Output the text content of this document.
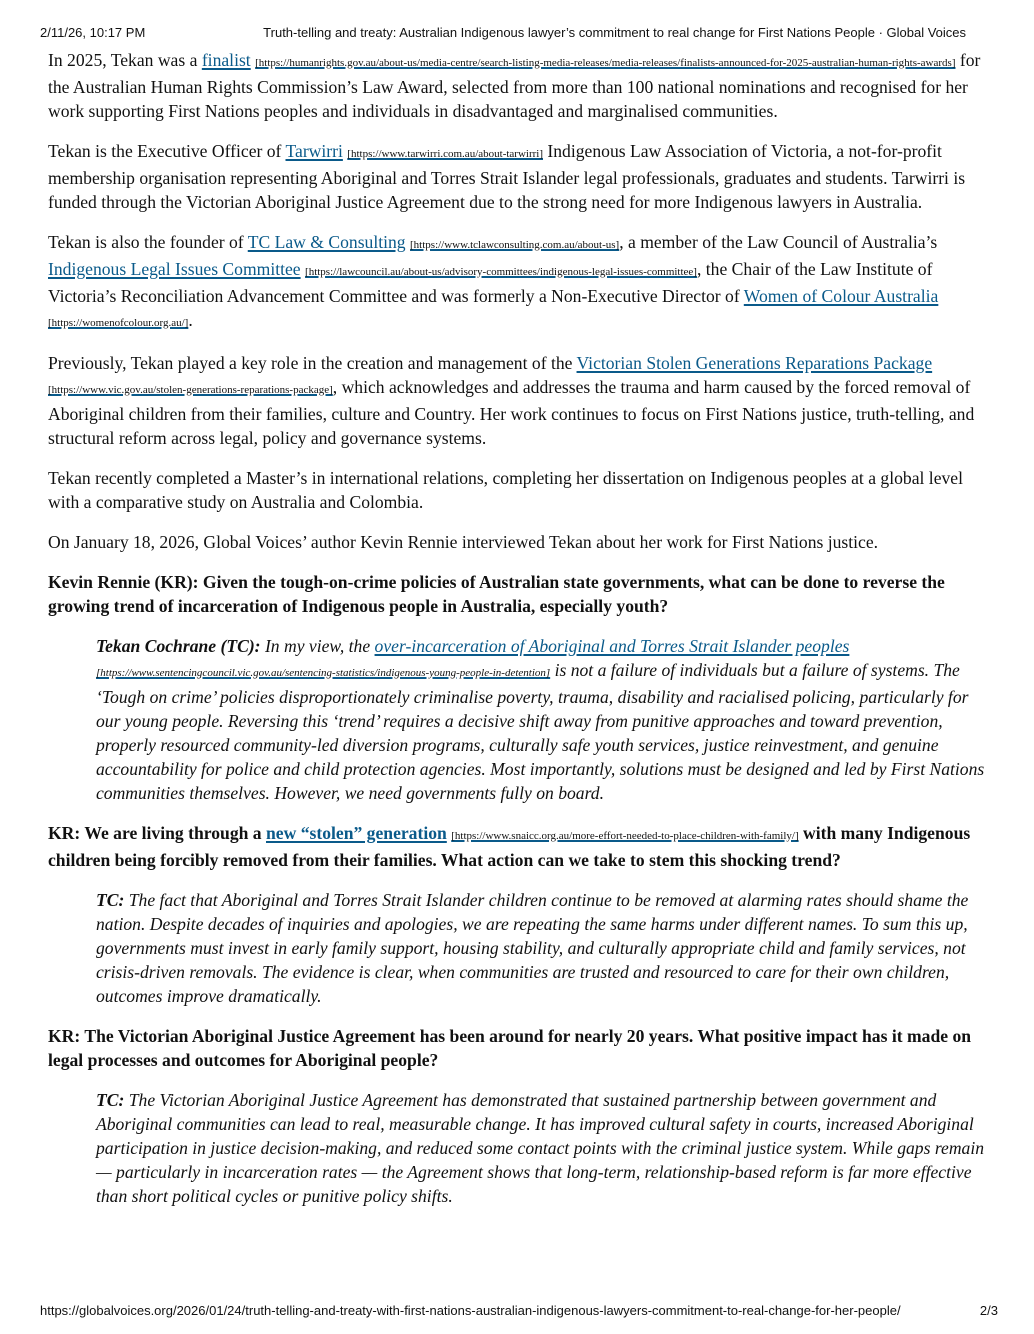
2/11/26, 10:17 PM	Truth-telling and treaty: Australian Indigenous lawyer’s commitment to real change for First Nations People · Global Voices

In 2025, Tekan was a finalist [https://humanrights.gov.au/about-us/media-centre/search-listing-media-releases/media-releases/finalists-announced-for-2025-australian-human-rights-awards] for the Australian Human Rights Commission’s Law Award, selected from more than 100 national nominations and recognised for her work supporting First Nations peoples and individuals in disadvantaged and marginalised communities.

Tekan is the Executive Officer of Tarwirri [https://www.tarwirri.com.au/about-tarwirri] Indigenous Law Association of Victoria, a not-for-profit membership organisation representing Aboriginal and Torres Strait Islander legal professionals, graduates and students. Tarwirri is funded through the Victorian Aboriginal Justice Agreement due to the strong need for more Indigenous lawyers in Australia.

Tekan is also the founder of TC Law & Consulting [https://www.tclawconsulting.com.au/about-us], a member of the Law Council of Australia’s Indigenous Legal Issues Committee [https://lawcouncil.au/about-us/advisory-committees/indigenous-legal-issues-committee], the Chair of the Law Institute of Victoria’s Reconciliation Advancement Committee and was formerly a Non-Executive Director of Women of Colour Australia [https://womenofcolour.org.au/].

Previously, Tekan played a key role in the creation and management of the Victorian Stolen Generations Reparations Package [https://www.vic.gov.au/stolen-generations-reparations-package], which acknowledges and addresses the trauma and harm caused by the forced removal of Aboriginal children from their families, culture and Country. Her work continues to focus on First Nations justice, truth-telling, and structural reform across legal, policy and governance systems.

Tekan recently completed a Master’s in international relations, completing her dissertation on Indigenous peoples at a global level with a comparative study on Australia and Colombia.

On January 18, 2026, Global Voices’ author Kevin Rennie interviewed Tekan about her work for First Nations justice.

Kevin Rennie (KR): Given the tough-on-crime policies of Australian state governments, what can be done to reverse the growing trend of incarceration of Indigenous people in Australia, especially youth?

Tekan Cochrane (TC): In my view, the over-incarceration of Aboriginal and Torres Strait Islander peoples [https://www.sentencingcouncil.vic.gov.au/sentencing-statistics/indigenous-young-people-in-detention] is not a failure of individuals but a failure of systems. The ‘Tough on crime’ policies disproportionately criminalise poverty, trauma, disability and racialised policing, particularly for our young people. Reversing this ‘trend’ requires a decisive shift away from punitive approaches and toward prevention, properly resourced community-led diversion programs, culturally safe youth services, justice reinvestment, and genuine accountability for police and child protection agencies. Most importantly, solutions must be designed and led by First Nations communities themselves. However, we need governments fully on board.

KR: We are living through a new “stolen” generation [https://www.snaicc.org.au/more-effort-needed-to-place-children-with-family/] with many Indigenous children being forcibly removed from their families. What action can we take to stem this shocking trend?

TC: The fact that Aboriginal and Torres Strait Islander children continue to be removed at alarming rates should shame the nation. Despite decades of inquiries and apologies, we are repeating the same harms under different names. To sum this up, governments must invest in early family support, housing stability, and culturally appropriate child and family services, not crisis-driven removals. The evidence is clear, when communities are trusted and resourced to care for their own children, outcomes improve dramatically.

KR: The Victorian Aboriginal Justice Agreement has been around for nearly 20 years. What positive impact has it made on legal processes and outcomes for Aboriginal people?

TC: The Victorian Aboriginal Justice Agreement has demonstrated that sustained partnership between government and Aboriginal communities can lead to real, measurable change. It has improved cultural safety in courts, increased Aboriginal participation in justice decision-making, and reduced some contact points with the criminal justice system. While gaps remain — particularly in incarceration rates — the Agreement shows that long-term, relationship-based reform is far more effective than short political cycles or punitive policy shifts.

https://globalvoices.org/2026/01/24/truth-telling-and-treaty-with-first-nations-australian-indigenous-lawyers-commitment-to-real-change-for-her-people/	2/3
